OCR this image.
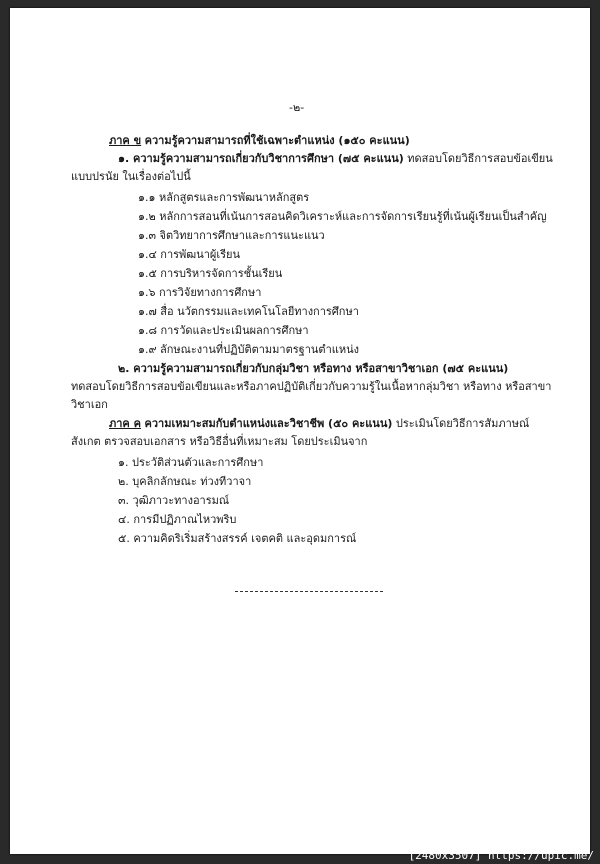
-๒-
ภาค ข ความรู้ความสามารถที่ใช้เฉพาะตำแหน่ง (๑๕๐ คะแนน)
๑. ความรู้ความสามารถเกี่ยวกับวิชาการศึกษา (๗๕ คะแนน) ทดสอบโดยวิธีการสอบข้อเขียน
แบบปรนัย ในเรื่องต่อไปนี้
๑.๑ หลักสูตรและการพัฒนาหลักสูตร
๑.๒ หลักการสอนที่เน้นการสอนคิดวิเคราะห์และการจัดการเรียนรู้ที่เน้นผู้เรียนเป็นสำคัญ
๑.๓ จิตวิทยาการศึกษาและการแนะแนว
๑.๔ การพัฒนาผู้เรียน
๑.๕ การบริหารจัดการชั้นเรียน
๑.๖ การวิจัยทางการศึกษา
๑.๗ สื่อ นวัตกรรมและเทคโนโลยีทางการศึกษา
๑.๘ การวัดและประเมินผลการศึกษา
๑.๙ ลักษณะงานที่ปฏิบัติตามมาตรฐานตำแหน่ง
๒. ความรู้ความสามารถเกี่ยวกับกลุ่มวิชา หรือทาง หรือสาขาวิชาเอก (๗๕ คะแนน)
ทดสอบโดยวิธีการสอบข้อเขียนและหรือภาคปฏิบัติเกี่ยวกับความรู้ในเนื้อหากลุ่มวิชา หรือทาง หรือสาขา
วิชาเอก
ภาค ค ความเหมาะสมกับตำแหน่งและวิชาชีพ (๕๐ คะแนน) ประเมินโดยวิธีการสัมภาษณ์
สังเกต ตรวจสอบเอกสาร หรือวิธีอื่นที่เหมาะสม โดยประเมินจาก
๑. ประวัติส่วนตัวและการศึกษา
๒. บุคลิกลักษณะ ท่วงทีวาจา
๓. วุฒิภาวะทางอารมณ์
๔. การมีปฏิภาณไหวพริบ
๕. ความคิดริเริ่มสร้างสรรค์ เจตคติ และอุดมการณ์
[2480x3507] https://upic.me/
